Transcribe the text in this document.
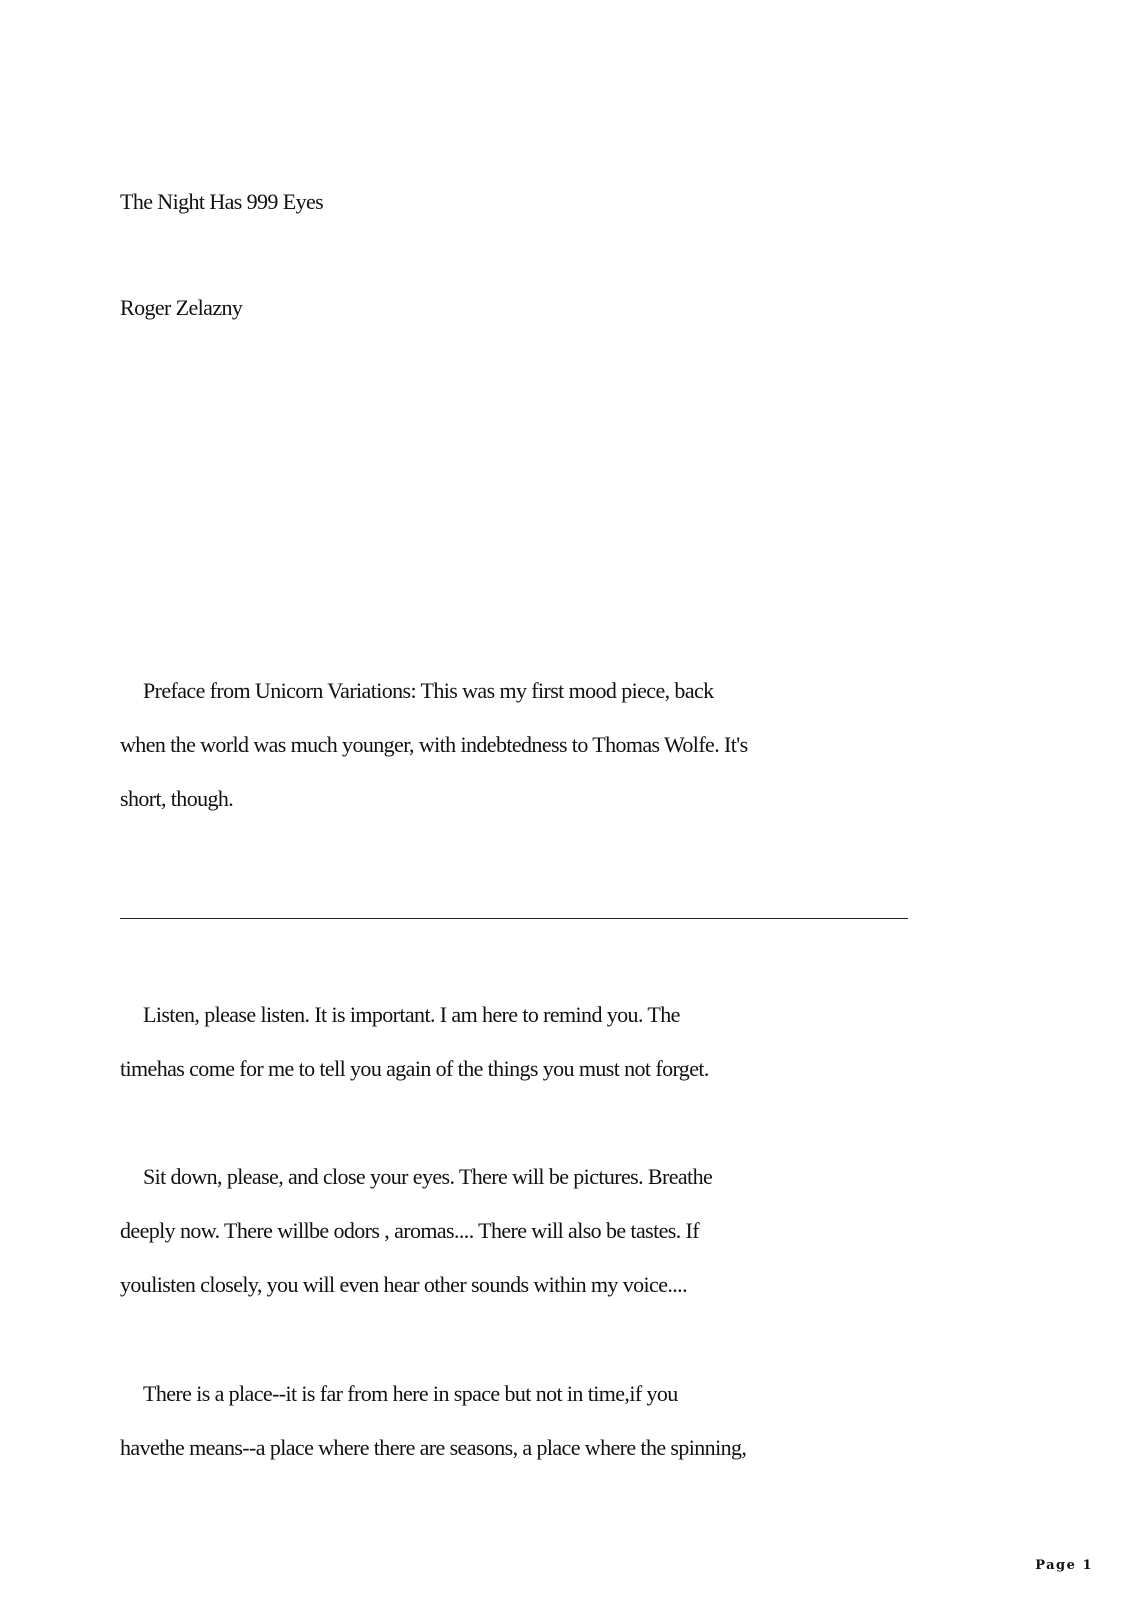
The Night Has 999 Eyes
Roger Zelazny
Preface from Unicorn Variations: This was my first mood piece, back
when the world was much younger, with indebtedness to Thomas Wolfe. It's
short, though.
Listen, please listen. It is important. I am here to remind you. The
timehas come for me to tell you again of the things you must not forget.
Sit down, please, and close your eyes. There will be pictures. Breathe
deeply now. There willbe odors , aromas.... There will also be tastes. If
youlisten closely, you will even hear other sounds within my voice....
There is a place--it is far from here in space but not in time,if you
havethe means--a place where there are seasons, a place where the spinning,
Page 1
